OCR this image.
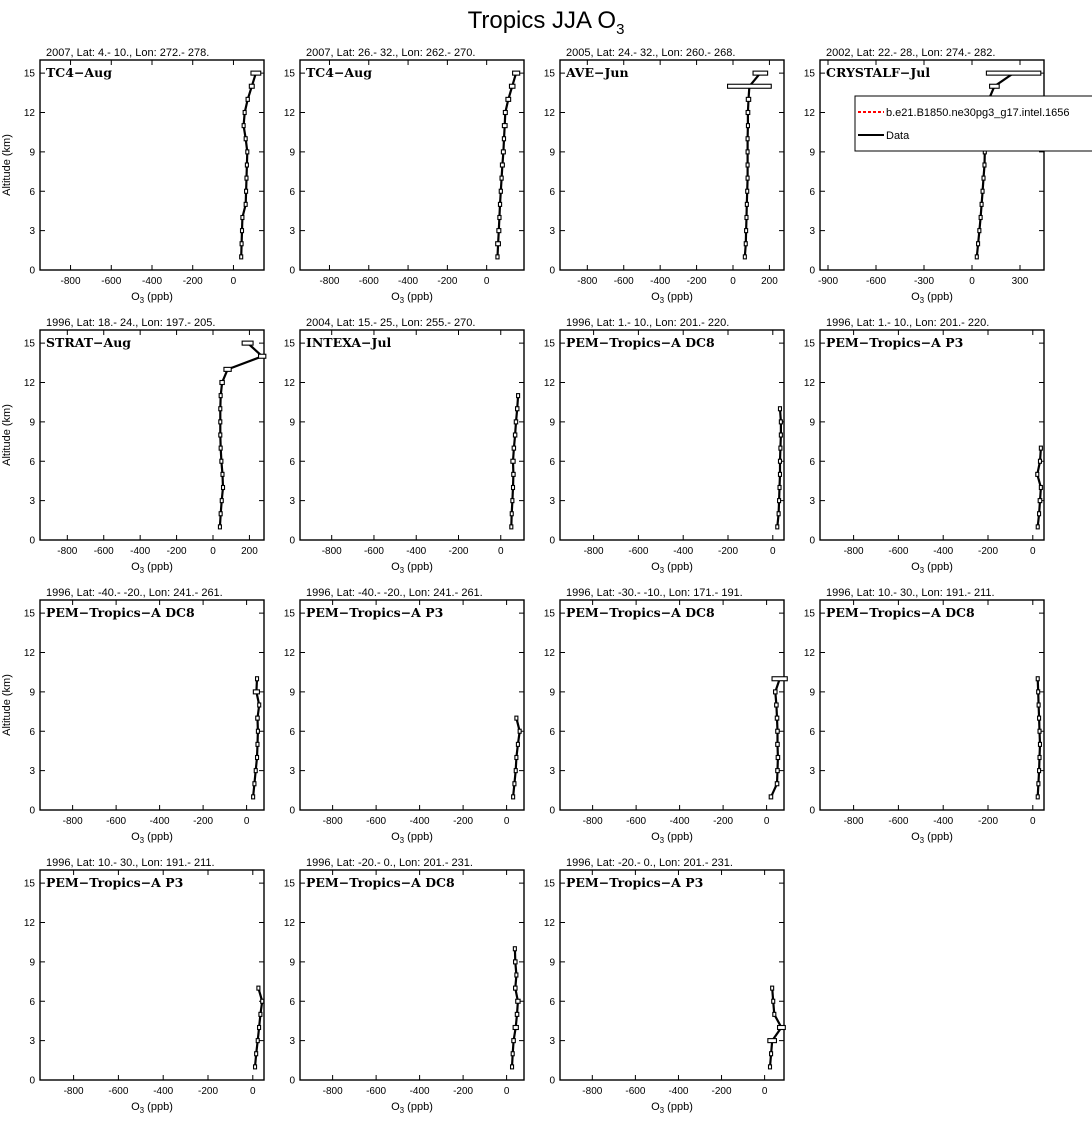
Tropics JJA $O_3$
2007, Lat: 4.- 10., Lon: 272.- 278.
0
3
6
9
12
15
-800 -600 -400 -200	0
$O_3$ (ppb)
Altitude (km)
TC4−Aug
2007, Lat: 26.- 32., Lon: 262.- 270.
0
3
6
9
12
15
-800 -600 -400 -200	0
$O_3$ (ppb)
TC4−Aug
2005, Lat: 24.- 32., Lon: 260.- 268.
0
3
6
9
12
15
-800 -600 -400 -200 0	200
$O_3$ (ppb)
AVE−Jun
2002, Lat: 22.- 28., Lon: 274.- 282.
0
3
6
9
12
15
-900	-600	-300	0	300
$O_3$ (ppb)
CRYSTALF−Jul
1996, Lat: 18.- 24., Lon: 197.- 205.
0
3
6
9
12
15
-800 -600 -400 -200 0	200
$O_3$ (ppb)
Altitude (km)
STRAT−Aug
2004, Lat: 15.- 25., Lon: 255.- 270.
0
3
6
9
12
15
-800 -600 -400 -200	0
$O_3$ (ppb)
INTEXA−Jul
1996, Lat: 1.- 10., Lon: 201.- 220.
0
3
6
9
12
15
-800 -600 -400 -200	0
$O_3$ (ppb)
PEM−Tropics−A DC8
1996, Lat: 1.- 10., Lon: 201.- 220.
0
3
6
9
12
15
-800 -600 -400 -200	0
$O_3$ (ppb)
PEM−Tropics−A P3
1996, Lat: -40.- -20., Lon: 241.- 261.
0
3
6
9
12
15
-800 -600 -400 -200	0
$O_3$ (ppb)
Altitude (km)
PEM−Tropics−A DC8
1996, Lat: -40.- -20., Lon: 241.- 261.
0
3
6
9
12
15
-800 -600 -400 -200	0
$O_3$ (ppb)
PEM−Tropics−A P3
1996, Lat: -30.- -10., Lon: 171.- 191.
0
3
6
9
12
15
-800 -600 -400 -200	0
$O_3$ (ppb)
PEM−Tropics−A DC8
1996, Lat: 10.- 30., Lon: 191.- 211.
0
3
6
9
12
15
-800 -600 -400 -200	0
$O_3$ (ppb)
PEM−Tropics−A DC8
1996, Lat: 10.- 30., Lon: 191.- 211.
0
3
6
9
12
15
-800 -600 -400 -200	0
$O_3$ (ppb)
PEM−Tropics−A P3
1996, Lat: -20.- 0., Lon: 201.- 231.
0
3
6
9
12
15
-800 -600 -400 -200	0
$O_3$ (ppb)
PEM−Tropics−A DC8
1996, Lat: -20.- 0., Lon: 201.- 231.
0
3
6
9
12
15
-800 -600 -400 -200	0
$O_3$ (ppb)
PEM−Tropics−A P3
b.e21.B1850.ne30pg3_g17.intel.1656
Data
